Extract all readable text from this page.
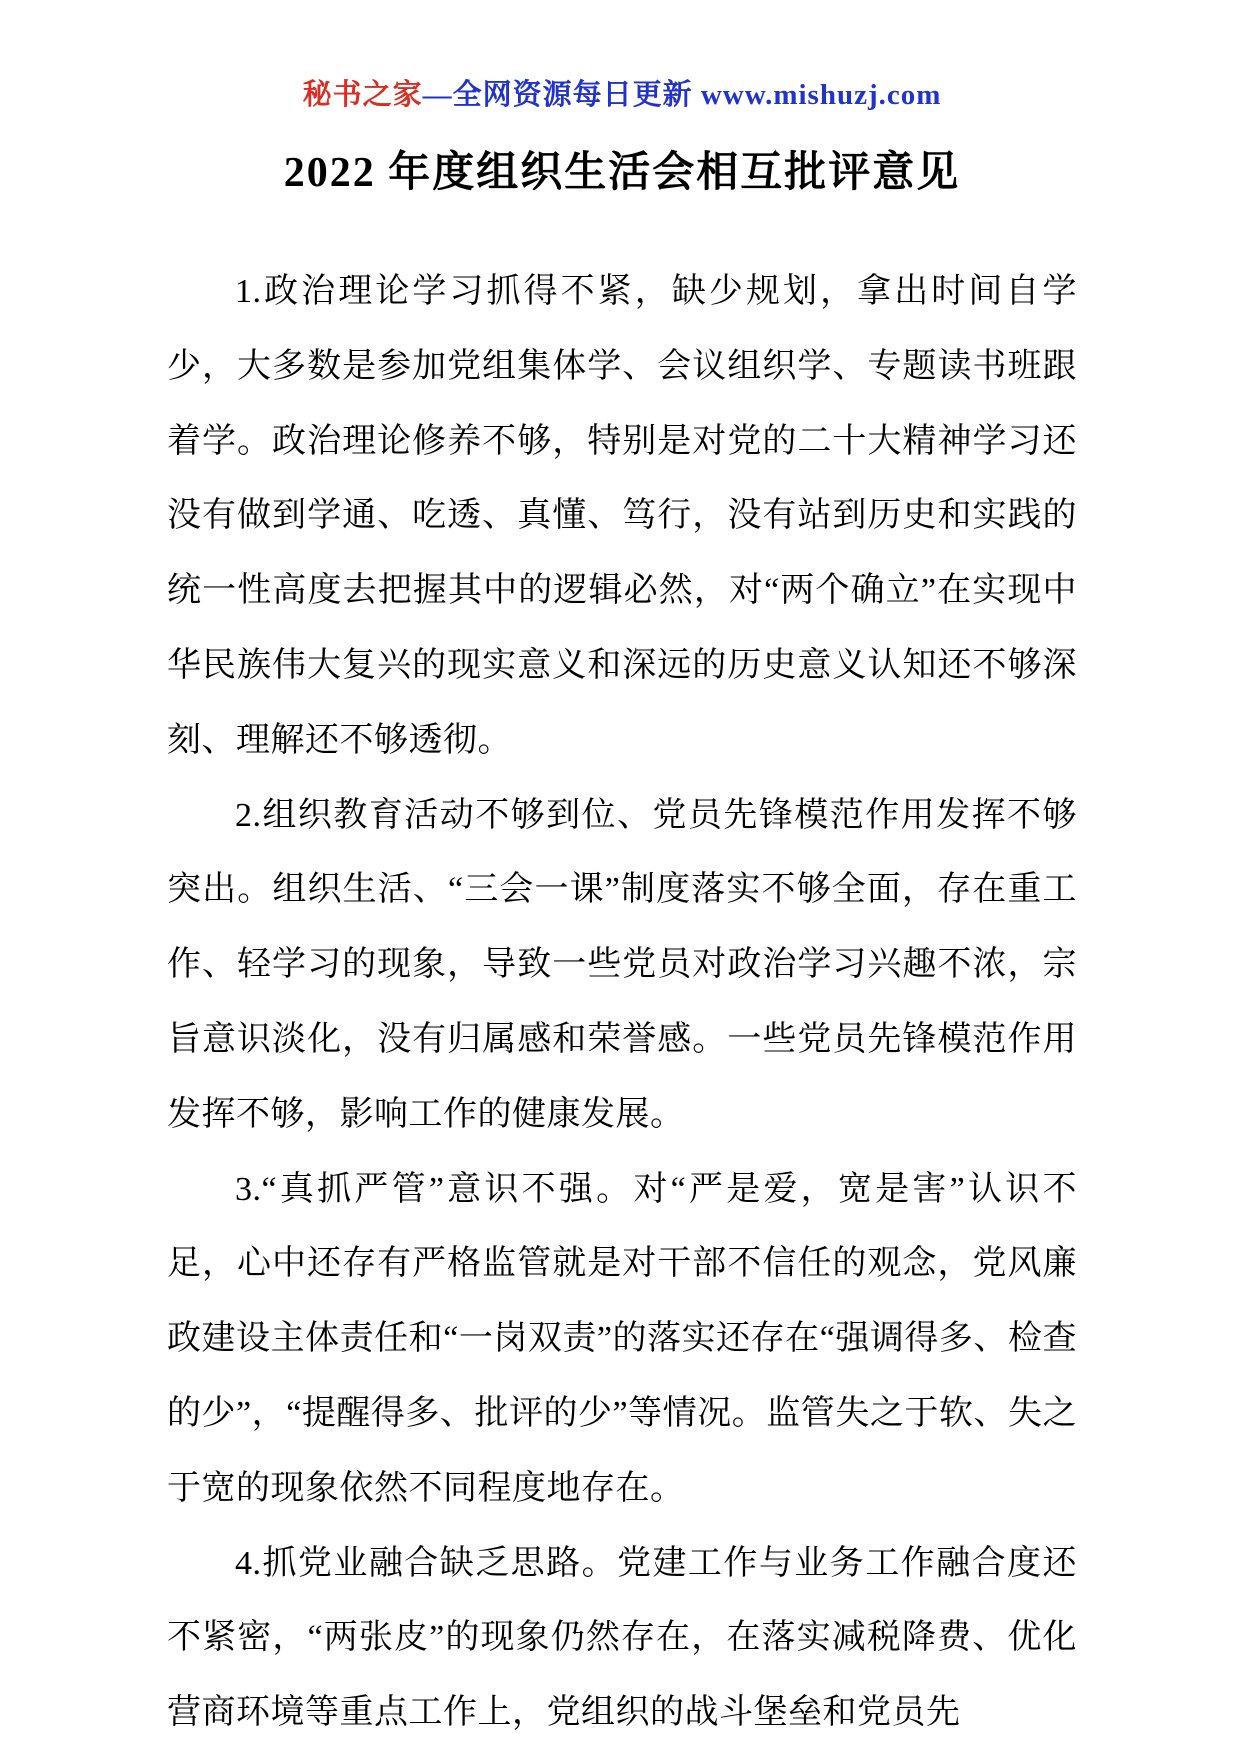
秘书之家—全网资源每日更新 www.mishuzj.com
2022 年度组织生活会相互批评意见

1.政治理论学习抓得不紧，缺少规划，拿出时间自学少，大多数是参加党组集体学、会议组织学、专题读书班跟着学。政治理论修养不够，特别是对党的二十大精神学习还没有做到学通、吃透、真懂、笃行，没有站到历史和实践的统一性高度去把握其中的逻辑必然，对“两个确立”在实现中华民族伟大复兴的现实意义和深远的历史意义认知还不够深刻、理解还不够透彻。

2.组织教育活动不够到位、党员先锋模范作用发挥不够突出。组织生活、“三会一课”制度落实不够全面，存在重工作、轻学习的现象，导致一些党员对政治学习兴趣不浓，宗旨意识淡化，没有归属感和荣誉感。一些党员先锋模范作用发挥不够，影响工作的健康发展。

3.“真抓严管”意识不强。对“严是爱，宽是害”认识不足，心中还存有严格监管就是对干部不信任的观念，党风廉政建设主体责任和“一岗双责”的落实还存在“强调得多、检查的少”，“提醒得多、批评的少”等情况。监管失之于软、失之于宽的现象依然不同程度地存在。

4.抓党业融合缺乏思路。党建工作与业务工作融合度还不紧密，“两张皮”的现象仍然存在，在落实减税降费、优化营商环境等重点工作上，党组织的战斗堡垒和党员先
